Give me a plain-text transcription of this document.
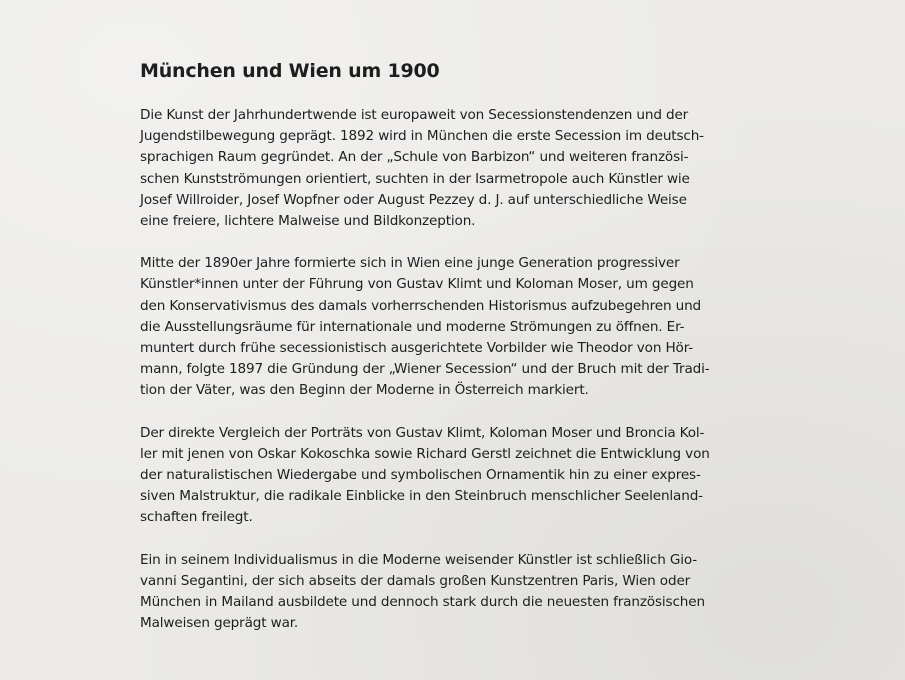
München und Wien um 1900
Die Kunst der Jahrhundertwende ist europaweit von Secessionstendenzen und der
Jugendstilbewegung geprägt. 1892 wird in München die erste Secession im deutsch-
sprachigen Raum gegründet. An der „Schule von Barbizon“ und weiteren französi-
schen Kunstströmungen orientiert, suchten in der Isarmetropole auch Künstler wie
Josef Willroider, Josef Wopfner oder August Pezzey d. J. auf unterschiedliche Weise
eine freiere, lichtere Malweise und Bildkonzeption.
Mitte der 1890er Jahre formierte sich in Wien eine junge Generation progressiver
Künstler*innen unter der Führung von Gustav Klimt und Koloman Moser, um gegen
den Konservativismus des damals vorherrschenden Historismus aufzubegehren und
die Ausstellungsräume für internationale und moderne Strömungen zu öffnen. Er-
muntert durch frühe secessionistisch ausgerichtete Vorbilder wie Theodor von Hör-
mann, folgte 1897 die Gründung der „Wiener Secession“ und der Bruch mit der Tradi-
tion der Väter, was den Beginn der Moderne in Österreich markiert.
Der direkte Vergleich der Porträts von Gustav Klimt, Koloman Moser und Broncia Kol-
ler mit jenen von Oskar Kokoschka sowie Richard Gerstl zeichnet die Entwicklung von
der naturalistischen Wiedergabe und symbolischen Ornamentik hin zu einer expres-
siven Malstruktur, die radikale Einblicke in den Steinbruch menschlicher Seelenland-
schaften freilegt.
Ein in seinem Individualismus in die Moderne weisender Künstler ist schließlich Gio-
vanni Segantini, der sich abseits der damals großen Kunstzentren Paris, Wien oder
München in Mailand ausbildete und dennoch stark durch die neuesten französischen
Malweisen geprägt war.
